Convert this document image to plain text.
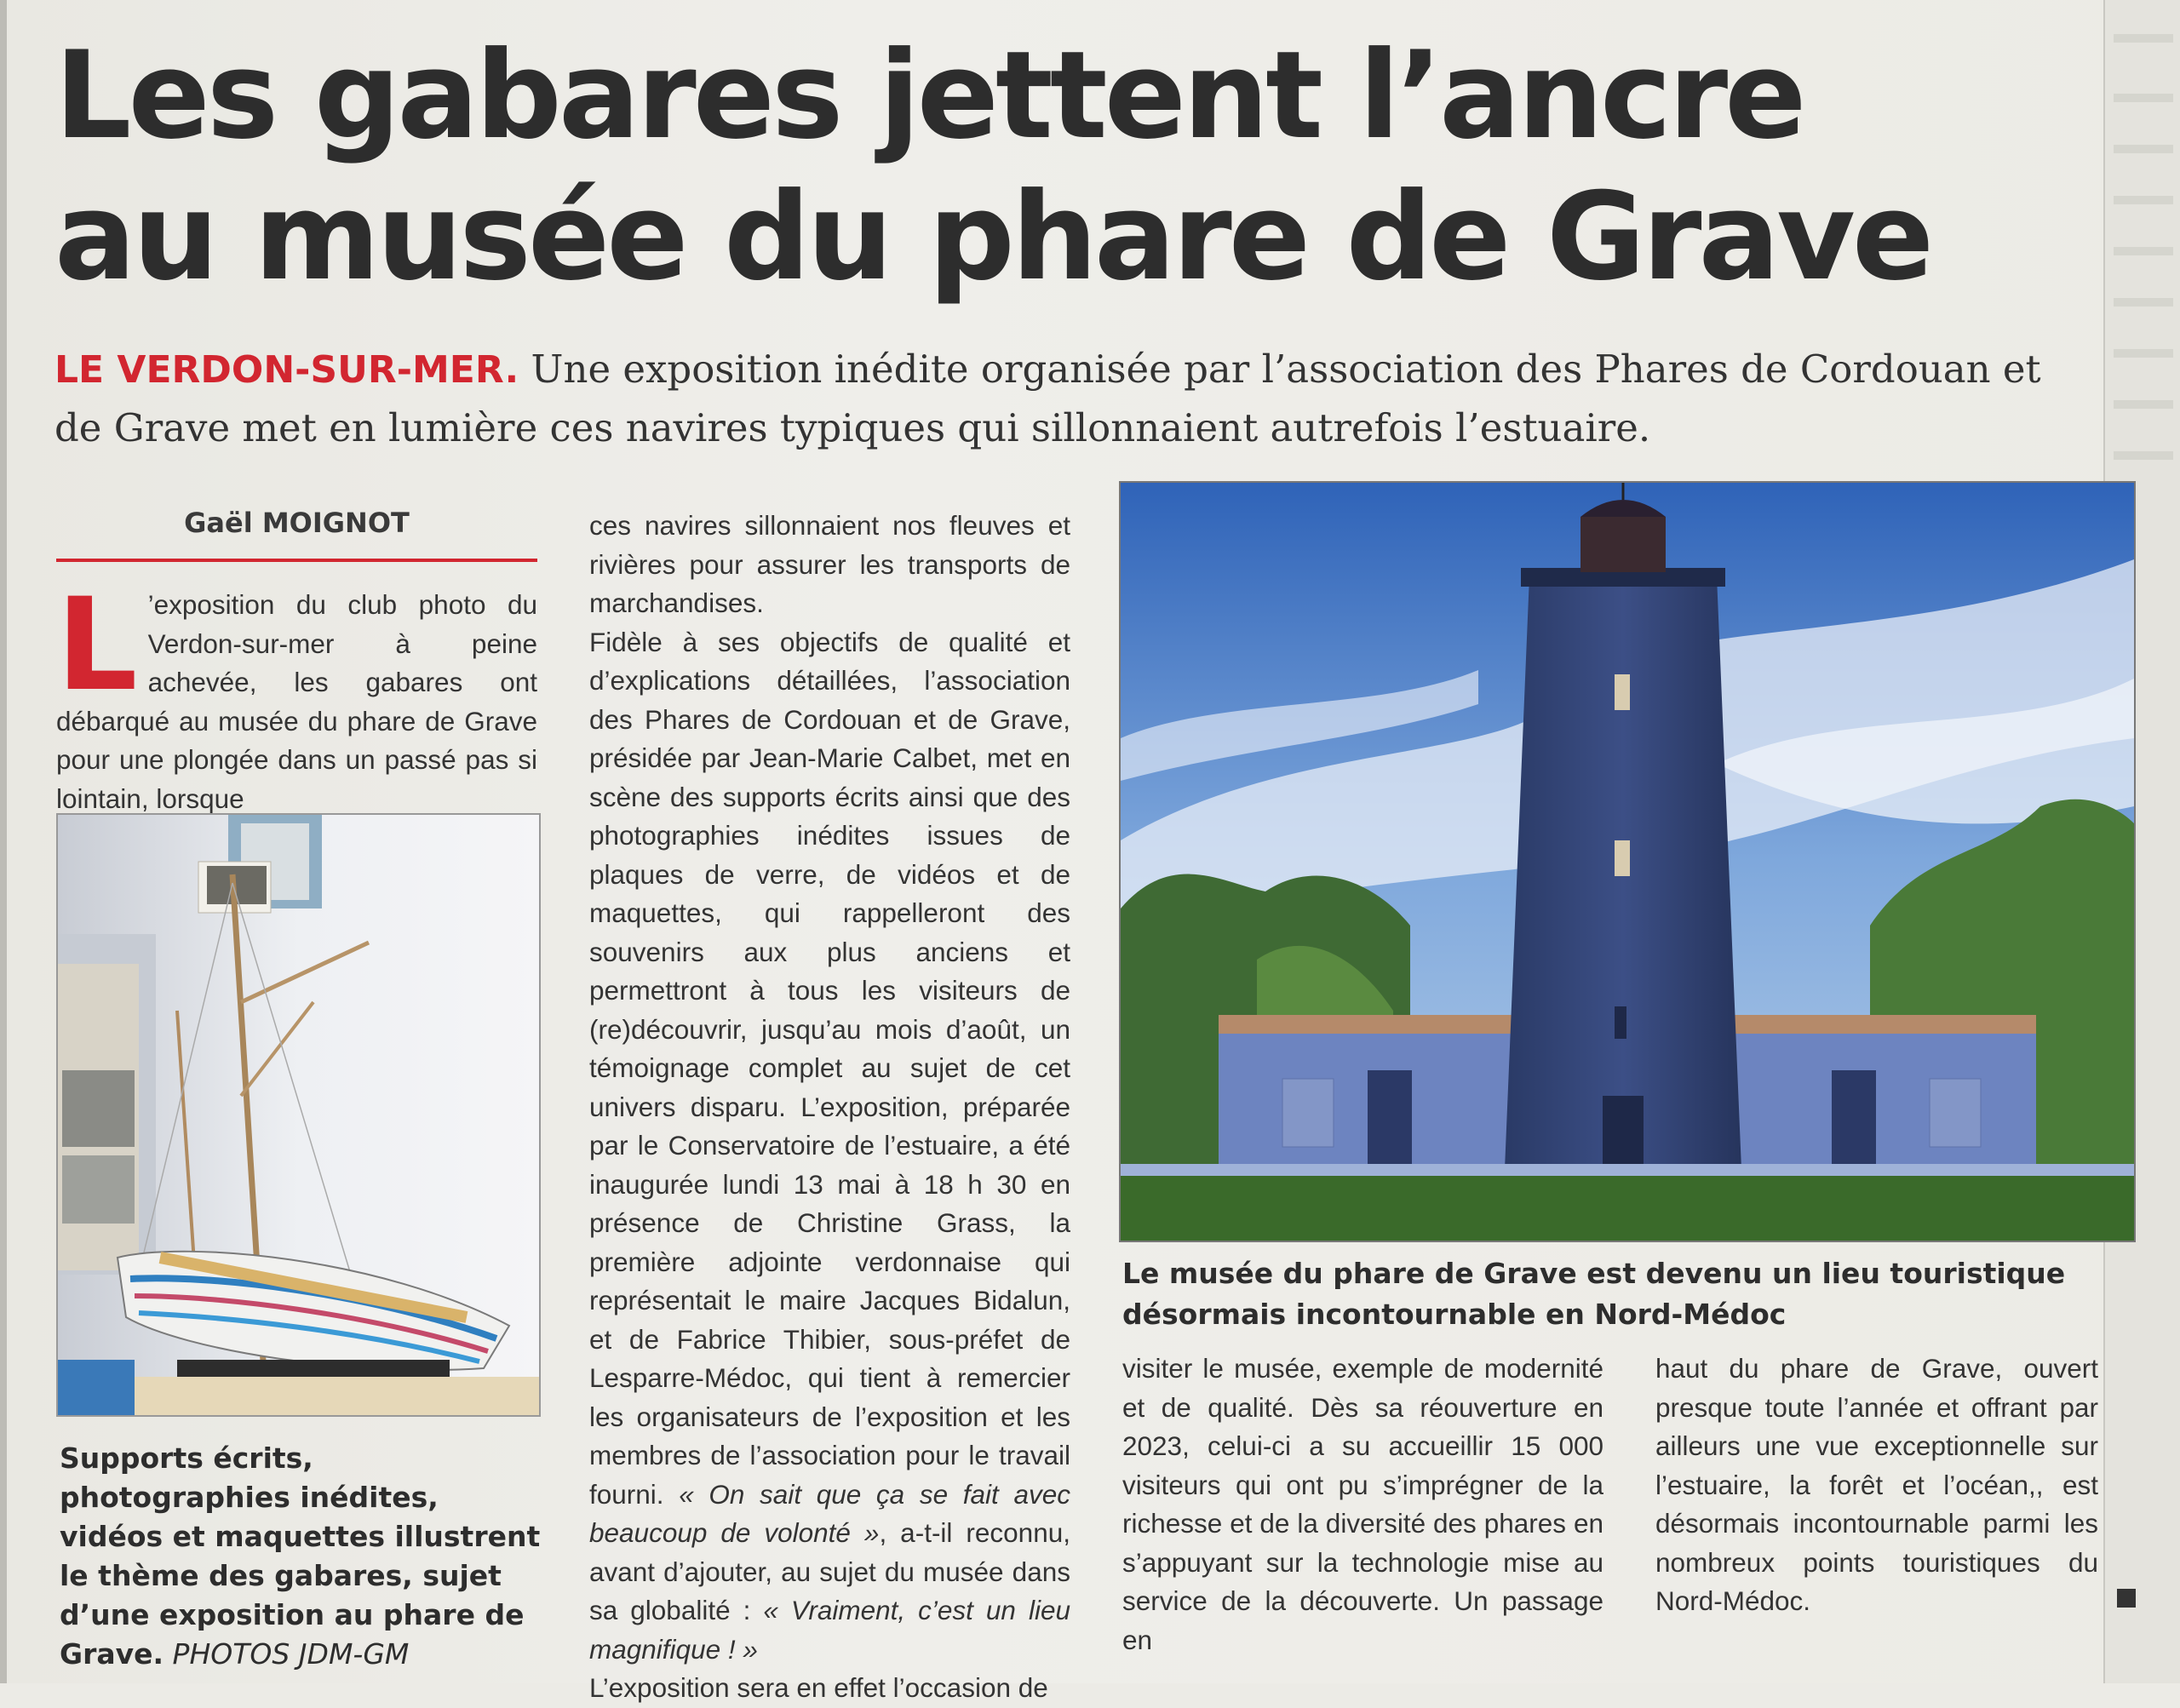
Les gabares jettent l’ancre
au musée du phare de Grave

LE VERDON-SUR-MER. Une exposition inédite organisée par l’association des Phares de Cordouan et de Grave met en lumière ces navires typiques qui sillonnaient autrefois l’estuaire.

Gaël MOIGNOT

L ’exposition du club photo du Verdon-sur-mer à peine achevée, les gabares ont débarqué au musée du phare de Grave pour une plongée dans un passé pas si lointain, lorsque

ces navires sillonnaient nos fleuves et rivières pour assurer les transports de marchandises.

Fidèle à ses objectifs de qualité et d’explications détaillées, l’association des Phares de Cordouan et de Grave, présidée par Jean-Marie Calbet, met en scène des supports écrits ainsi que des photographies inédites issues de plaques de verre, de vidéos et de maquettes, qui rappelleront des souvenirs aux plus anciens et permettront à tous les visiteurs de (re)découvrir, jusqu’au mois d’août, un témoignage complet au sujet de cet univers disparu. L’exposition, préparée par le Conservatoire de l’estuaire, a été inaugurée lundi 13 mai à 18 h 30 en présence de Christine Grass, la première adjointe verdonnaise qui représentait le maire Jacques Bidalun, et de Fabrice Thibier, sous-préfet de Lesparre-Médoc, qui tient à remercier les organisateurs de l’exposition et les membres de l’association pour le travail fourni. « On sait que ça se fait avec beaucoup de volonté », a-t-il reconnu, avant d’ajouter, au sujet du musée dans sa globalité : « Vraiment, c’est un lieu magnifique ! »

L’exposition sera en effet l’occasion de

Le musée du phare de Grave est devenu un lieu touristique désormais incontournable en Nord-Médoc

Supports écrits, photographies inédites, vidéos et maquettes illustrent le thème des gabares, sujet d’une exposition au phare de Grave. PHOTOS JDM-GM

visiter le musée, exemple de modernité et de qualité. Dès sa réouverture en 2023, celui-ci a su accueillir 15 000 visiteurs qui ont pu s’imprégner de la richesse et de la diversité des phares en s’appuyant sur la technologie mise au service de la découverte. Un passage en

haut du phare de Grave, ouvert presque toute l’année et offrant par ailleurs une vue exceptionnelle sur l’estuaire, la forêt et l’océan,, est désormais incontournable parmi les nombreux points touristiques du Nord-Médoc.
